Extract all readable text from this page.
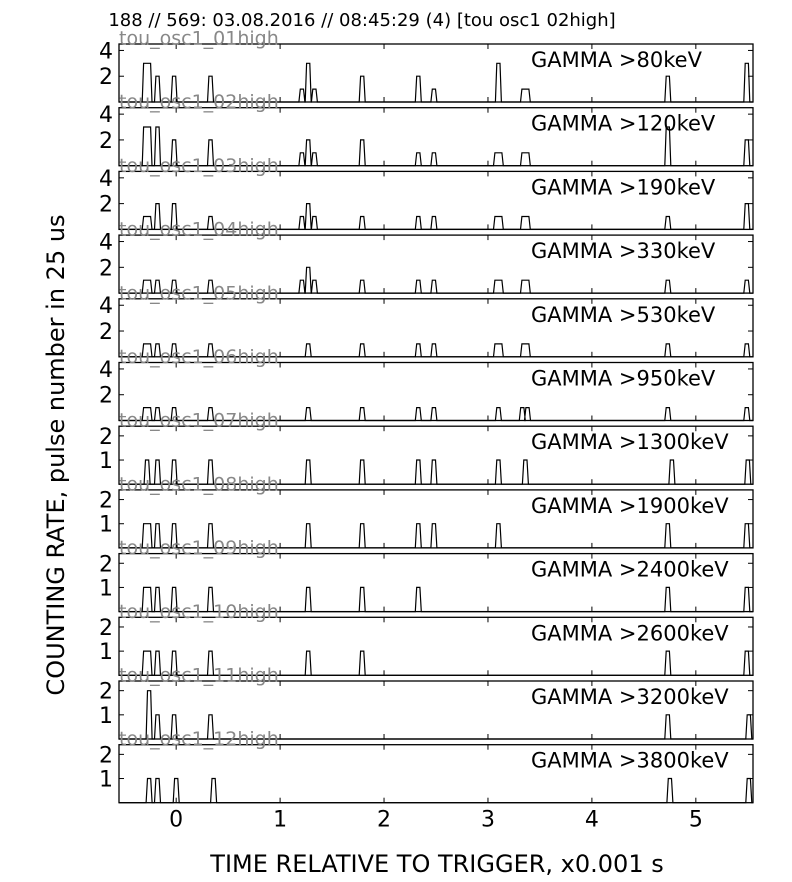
188 // 569: 03.08.2016 // 08:45:29 (4) [tou osc1 02high]
2
4	GAMMA >80keV
tou_osc1_01high
2
4	GAMMA >120keV
tou_osc1_02high
2
4	GAMMA >190keV
tou_osc1_03high
2
4	GAMMA >330keV
tou_osc1_04high
2
4	GAMMA >530keV
tou_osc1_05high
2
4	GAMMA >950keV
tou_osc1_06high
1
2	GAMMA >1300keV
tou_osc1_07high
1
2	GAMMA >1900keV
tou_osc1_08high
1
2	GAMMA >2400keV
tou_osc1_09high
1
2	GAMMA >2600keV
tou_osc1_10high
1
2	GAMMA >3200keV
tou_osc1_11high
1
2	GAMMA >3800keV
tou_osc1_12high
0	1	2	3	4	5
TIME RELATIVE TO TRIGGER, x0.001 s
COUNTING RATE, pulse number in 25 us
